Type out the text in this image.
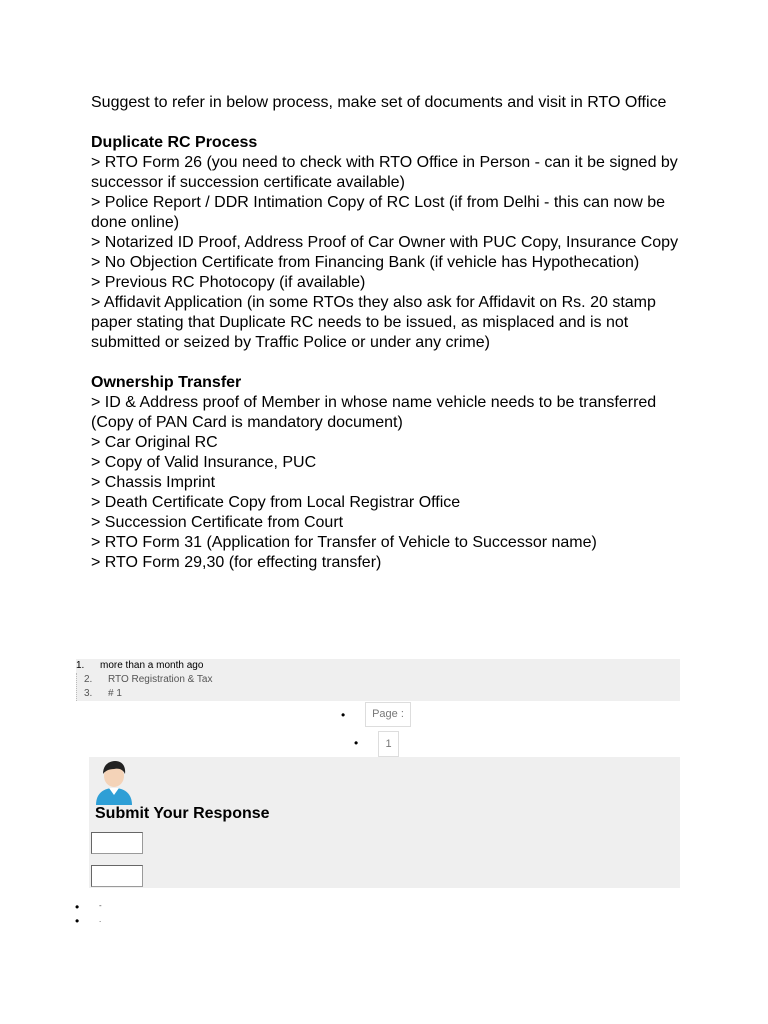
Suggest to refer in below process, make set of documents and visit in RTO Office

Duplicate RC Process

> RTO Form 26 (you need to check with RTO Office in Person - can it be signed by successor if succession certificate available)

> Police Report / DDR Intimation Copy of RC Lost (if from Delhi - this can now be done online)

> Notarized ID Proof, Address Proof of Car Owner with PUC Copy, Insurance Copy

> No Objection Certificate from Financing Bank (if vehicle has Hypothecation)

> Previous RC Photocopy (if available)

> Affidavit Application (in some RTOs they also ask for Affidavit on Rs. 20 stamp paper stating that Duplicate RC needs to be issued, as misplaced and is not submitted or seized by Traffic Police or under any crime)

Ownership Transfer

> ID & Address proof of Member in whose name vehicle needs to be transferred (Copy of PAN Card is mandatory document)

> Car Original RC

> Copy of Valid Insurance, PUC

> Chassis Imprint

> Death Certificate Copy from Local Registrar Office

> Succession Certificate from Court

> RTO Form 31 (Application for Transfer of Vehicle to Successor name)

> RTO Form 29,30 (for effecting transfer)

1. more than a month ago
2. RTO Registration & Tax
3. # 1
•	Page :
•	1
Submit Your Response
• -
• .
